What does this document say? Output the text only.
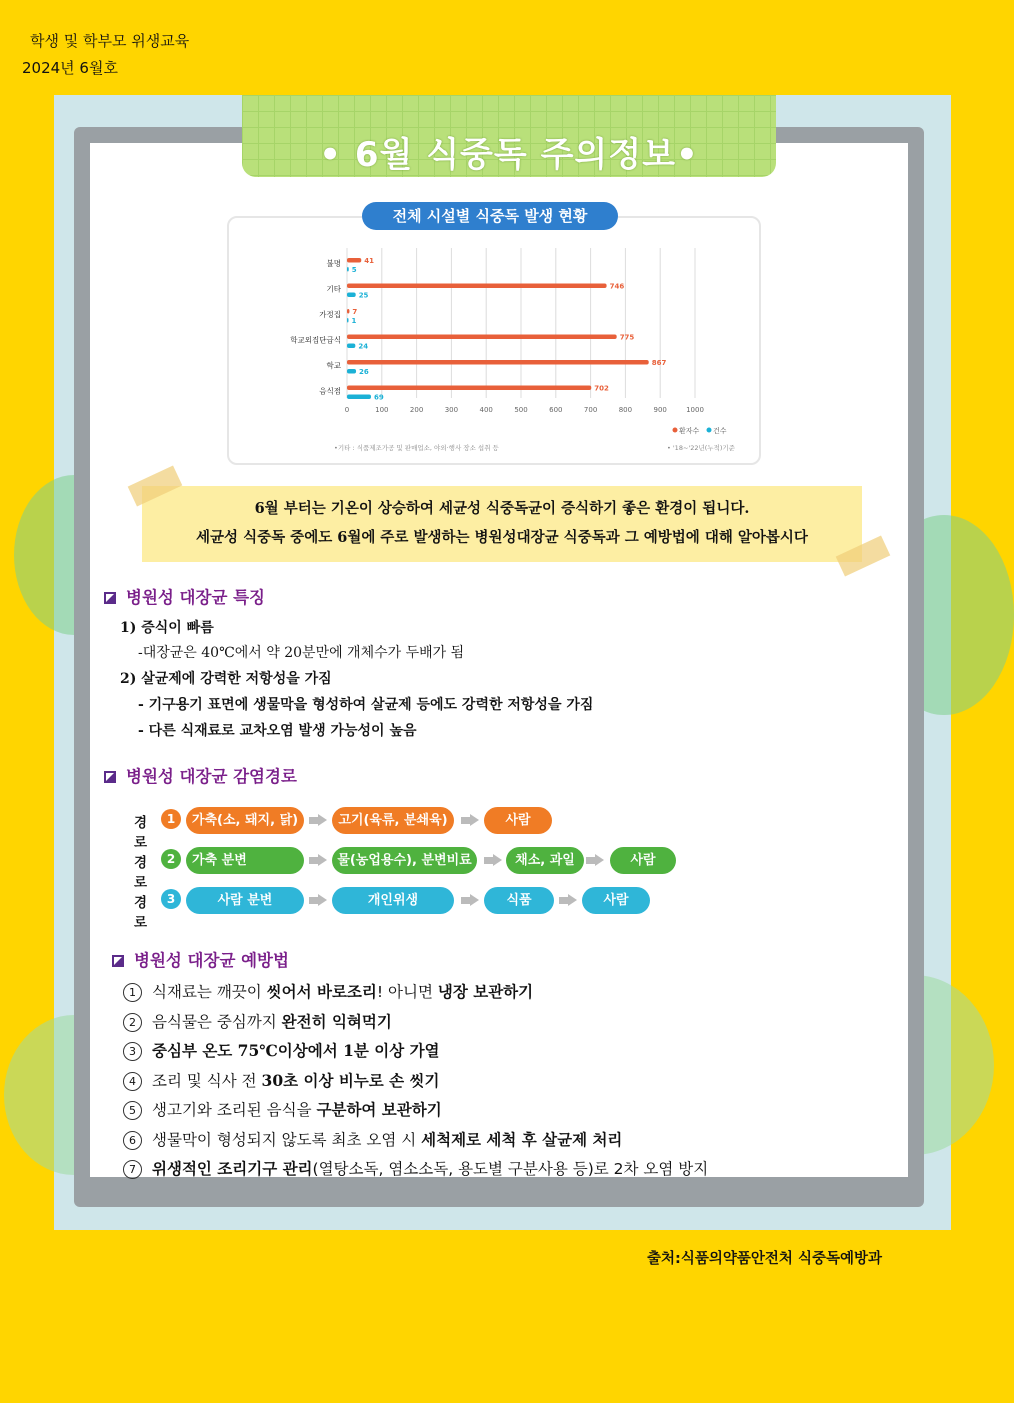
학생 및 학부모 위생교육
2024년 6월호
• 6월 식중독 주의정보•
0	100	200	300	400	500	600	700	800	900	1000
불명	41
5
기타	746
25
가정집 7
1
학교외집단급식	775
24
학교	867
26
음식점	702
69
환자수 건수
•기타 : 식품제조가공 및 판매업소, 야외·행사 장소 섭취 등	• '18~'22년(누적)기준
전체 시설별 식중독 발생 현황
6월 부터는 기온이 상승하여 세균성 식중독균이 증식하기 좋은 환경이 됩니다.
세균성 식중독 중에도 6월에 주로 발생하는 병원성대장균 식중독과 그 예방법에 대해 알아봅시다
병원성 대장균 특징
1) 증식이 빠름
-대장균은 40℃에서 약 20분만에 개체수가 두배가 됨
2) 살균제에 강력한 저항성을 가짐
- 기구용기 표면에 생물막을 형성하여 살균제 등에도 강력한 저항성을 가짐
- 다른 식재료로 교차오염 발생 가능성이 높음
병원성 대장균 감염경로
경로
1	가축(소, 돼지, 닭)	고기(육류, 분쇄육)	사람
경로
2	가축 분변	물(농업용수), 분변비료	채소, 과일	사람
경로
3	사람 분변	개인위생	식품	사람
병원성 대장균 예방법
1 식재료는 깨끗이 씻어서 바로조리! 아니면 냉장 보관하기
2 음식물은 중심까지 완전히 익혀먹기
3 중심부 온도 75℃이상에서 1분 이상 가열
4 조리 및 식사 전 30초 이상 비누로 손 씻기
5 생고기와 조리된 음식을 구분하여 보관하기
6 생물막이 형성되지 않도록 최초 오염 시 세척제로 세척 후 살균제 처리
7 위생적인 조리기구 관리(열탕소독, 염소소독, 용도별 구분사용 등)로 2차 오염 방지
출처:식품의약품안전처 식중독예방과
